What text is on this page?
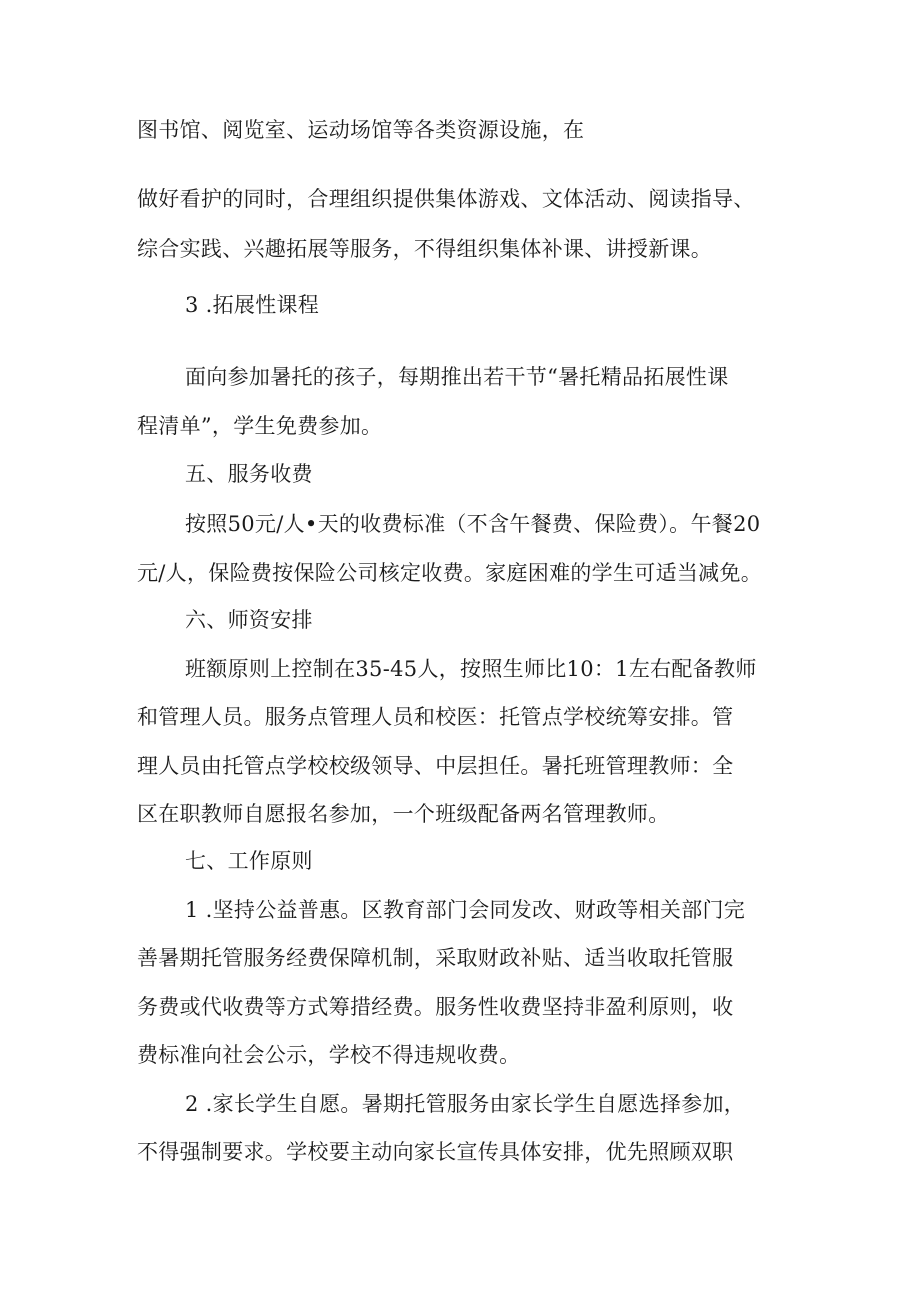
图书馆、阅览室、运动场馆等各类资源设施，在
做好看护的同时，合理组织提供集体游戏、文体活动、阅读指导、
综合实践、兴趣拓展等服务，不得组织集体补课、讲授新课。
3 .拓展性课程
面向参加暑托的孩子，每期推出若干节“暑托精品拓展性课
程清单”，学生免费参加。
五、服务收费
按照50元/人•天的收费标准（不含午餐费、保险费）。午餐20
元/人，保险费按保险公司核定收费。家庭困难的学生可适当减免。
六、师资安排
班额原则上控制在35-45人，按照生师比10：1左右配备教师
和管理人员。服务点管理人员和校医：托管点学校统筹安排。管
理人员由托管点学校校级领导、中层担任。暑托班管理教师：全
区在职教师自愿报名参加，一个班级配备两名管理教师。
七、工作原则
1 .坚持公益普惠。区教育部门会同发改、财政等相关部门完
善暑期托管服务经费保障机制，采取财政补贴、适当收取托管服
务费或代收费等方式筹措经费。服务性收费坚持非盈利原则，收
费标准向社会公示，学校不得违规收费。
2 .家长学生自愿。暑期托管服务由家长学生自愿选择参加，
不得强制要求。学校要主动向家长宣传具体安排，优先照顾双职
